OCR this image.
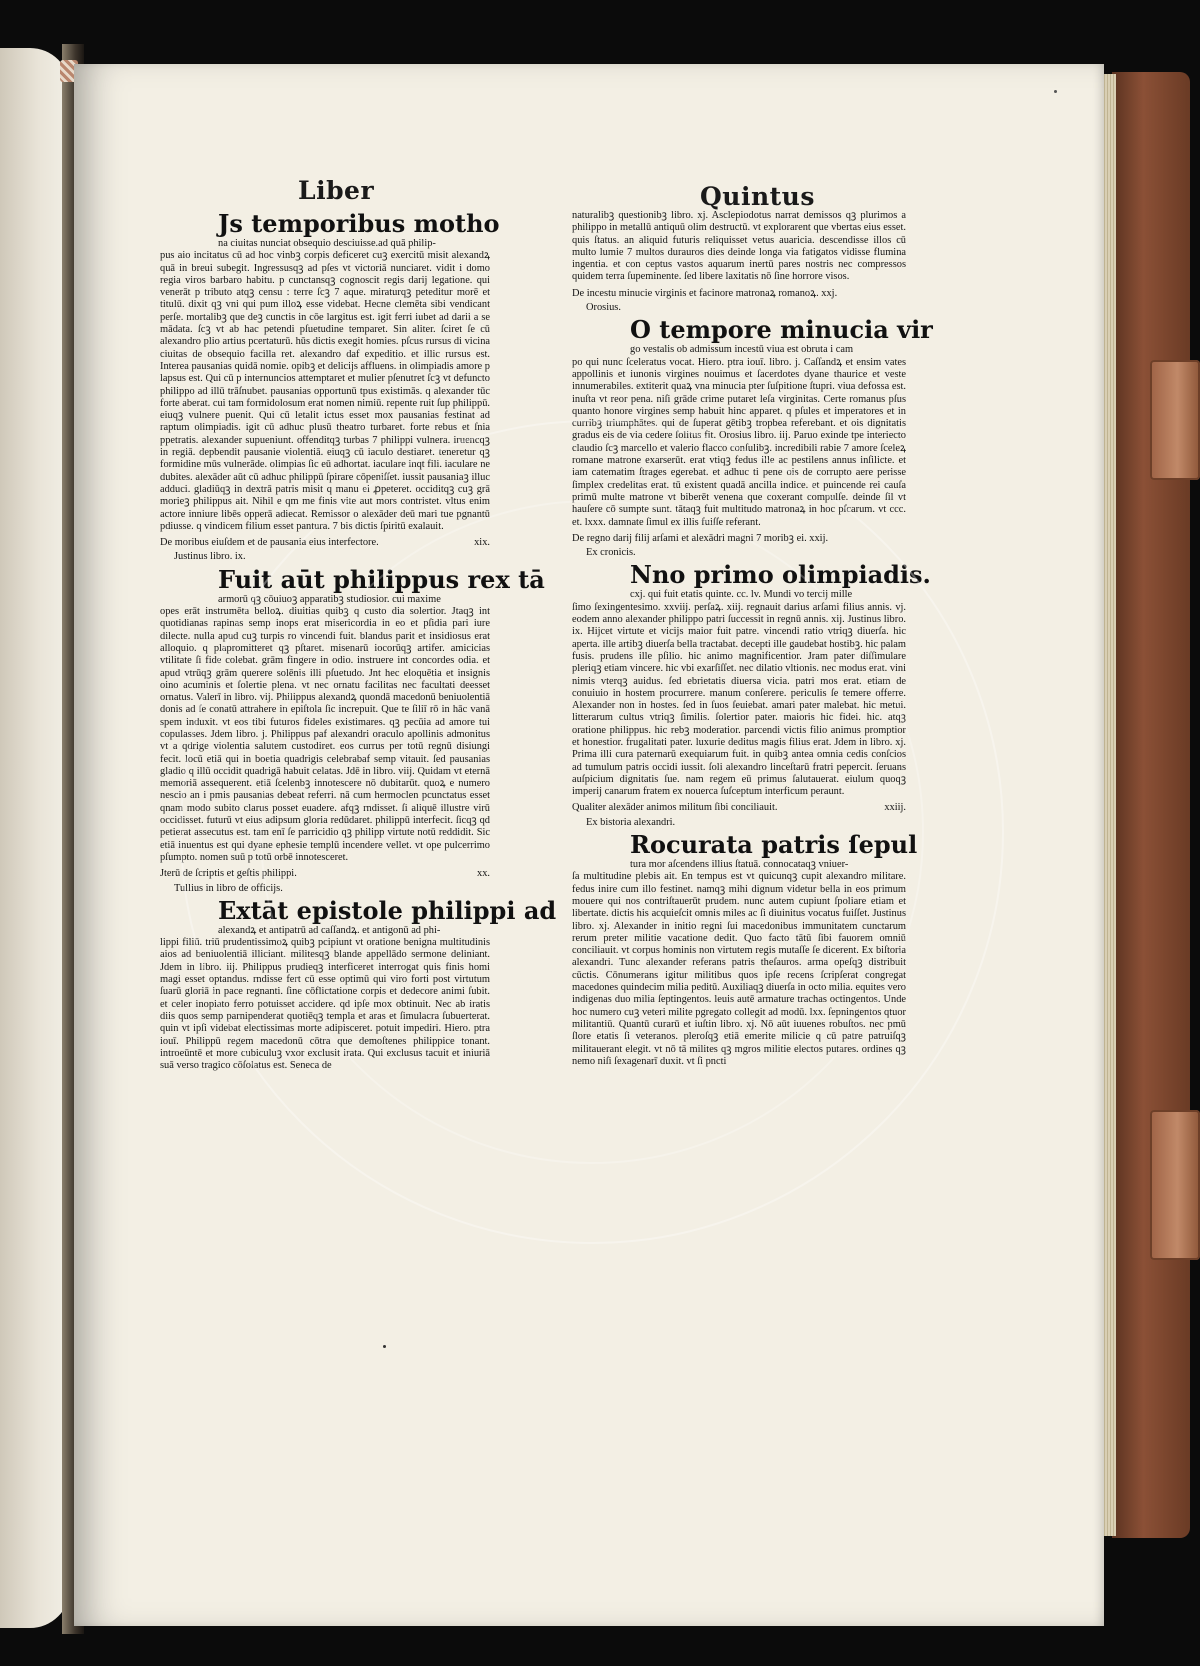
Liber	Quintus
Js temporibus motho

na ciuitas nunciat obsequio desciuisse.ad quā philip-

pus aio incitatus cū ad hoc vinbꝫ corpis deficeret cuꝫ exercitū misit alexandꝝ quā in breui subegit. Ingressusqꝫ ad pſes vt victoriā nunciaret. vidit i domo regia viros barbaro habitu. p cunctansqꝫ cognoscit regis darij legatione. qui venerāt p tributo atqꝫ censu : terre ſcꝫ 7 aque. miraturqꝫ peteditur morē et titulū. dixit qꝫ vni qui pum illoꝝ esse videbat. Hecne clemēta sibi vendicant perſe. mortalibꝫ que deꝫ cunctis in cōe largitus est. igit ferri iubet ad darii a se mādata. ſcꝫ vt ab hac petendi pſuetudine temparet. Sin aliter. ſciret ſe cū alexandro plio artius pcertaturū. hūs dictis exegit homies. pſcus rursus di vicina ciuitas de obsequio facilla ret. alexandro daf expeditio. et illic rursus est. Interea pausanias quidā nomie. opibꝫ et delicijs affluens. in olimpiadis amore p lapsus est. Qui cū p internuncios attemptaret et mulier pſenutret ſcꝫ vt defuncto philippo ad illū trāſnubet. pausanias opportunū tpus existimās. q alexander tūc forte aberat. cui tam formidolosum erat nomen nimiū. repente ruit ſup philippū. eiuqꝫ vulnere puenit. Qui cū letalit ictus esset mox pausanias festinat ad raptum olimpiadis. igit cū adhuc plusū theatro turbaret. forte rebus et ſnia ppetratis. alexander supueniunt. offenditqꝫ turbas 7 philippi vulnera. iruencqꝫ in regiā. depbendit pausanie violentiā. eiuqꝫ cū iaculo destiaret. teneretur qꝫ formidine mūs vulnerāde. olimpias ſic eū adhortat. iaculare inqt fili. iaculare ne dubites. alexāder aūt cū adhuc philippū ſpirare cōpeniſſet. iussit pausaniaꝫ illuc adduci. gladiūqꝫ in dextrā patris misit q manu ei ꝓpeteret. occiditqꝫ cuꝫ grā morieꝫ philippus ait. Nihil e qm me finis vite aut mors contristet. vltus enim actore inniure libēs opperā adiecat. Remissor o alexāder deū mari tue pgnantū pdiusse. q vindicem filium esset pantura. 7 bis dictis ſpiritū exalauit.

xix.
De moribus eiuſdem et de pausania eius interfectore.

Justinus libro. ix.

Fuit aūt philippus rex tā

armorū qꝫ cōuiuoꝫ apparatibꝫ studiosior. cui maxime

opes erāt instrumēta belloꝝ. diuitias quibꝫ q custo dia solertior. Jtaqꝫ int quotidianas rapinas semp inops erat misericordia in eo et pſidia pari iure dilecte. nulla apud cuꝫ turpis ro vincendi fuit. blandus parit et insidiosus erat alloquio. q plapromitteret qꝫ pſtaret. misenarū iocorūqꝫ artifer. amicicias vtilitate ſi fide colebat. grām fingere in odio. instruere int concordes odia. et apud vtrūqꝫ grām querere solēnis illi pſuetudo. Jnt hec eloquētia et insignis oino acuminis et ſolertie plena. vt nec ornatu facilitas nec facultati deesset ornatus. Valerī in libro. vij. Philippus alexandꝝ quondā macedonū beniuolentiā donis ad ſe conatū attrahere in epiſtola ſic increpuit. Que te ſiliī rō in hāc vanā spem induxit. vt eos tibi futuros fideles existimares. qꝫ pecūia ad amore tui copulasses. Jdem libro. j. Philippus paf alexandri oraculo apollinis admonitus vt a qdrige violentia salutem custodiret. eos currus per totū regnū disiungi fecit. locū etiā qui in boetia quadrigis celebrabaf semp vitauit. ſed pausanias gladio q illū occidit quadrigā habuit celatas. Jdē in libro. viij. Quidam vt eternā memoriā assequerent. etiā ſcelenbꝫ innotescere nō dubitarūt. quoꝝ e numero nescio an i pmis pausanias debeat referri. nā cum hermoclen pcunctatus esset qnam modo subito clarus posset euadere. afqꝫ rndisset. ſi aliquē illustre virū occidisset. futurū vt eius adipsum gloria redūdaret. philippū interfecit. ſicqꝫ qd petierat assecutus est. tam enī ſe parricidio qꝫ philipp virtute notū reddidit. Sic etiā inuentus est qui dyane ephesie templū incendere vellet. vt ope pulcerrimo pſumpto. nomen suū p totū orbē innotesceret.

xx.
Jterū de ſcriptis et geſtis philippi.

Tullius in libro de officijs.

Extāt epistole philippi ad

alexandꝝ et antipatrū ad caſſandꝝ. et antigonū ad phi-

lippi filiū. triū prudentissimoꝝ quibꝫ pcipiunt vt oratione benigna multitudinis aios ad beniuolentiā illiciant. militesqꝫ blande appellādo sermone deliniant. Jdem in libro. iij. Philippus prudieqꝫ interficeret interrogat quis finis homi magi esset optandus. rndisse fert cū esse optimū qui viro forti post virtutum ſuarū gloriā in pace regnanti. ſine cōflictatione corpis et dedecore animi ſubit. et celer inopiato ferro potuisset accidere. qd ipſe mox obtinuit. Nec ab iratis diis quos semp parnipenderat quotiēqꝫ templa et aras et ſimulacra ſubuerterat. quin vt ipſi videbat electissimas morte adipisceret. potuit impediri. Hiero. ptra iouī. Philippū regem macedonū cōtra que demoſtenes philippice tonant. introeūntē et more cubiculuꝫ vxor exclusit irata. Qui exclusus tacuit et iniuriā suā verso tragico cōſolatus est. Seneca de

naturalibꝫ questionibꝫ libro. xj. Asclepiodotus narrat demissos qꝫ plurimos a philippo in metallū antiquū olim destructū. vt explorarent que vbertas eius esset. quis ſtatus. an aliquid futuris reliquisset vetus auaricia. descendisse illos cū multo lumie 7 multos durauros dies deinde longa via fatigatos vidisse flumina ingentia. et con ceptus vastos aquarum inertū pares nostris nec compressos quidem terra ſupeminente. ſed libere laxitatis nō ſine horrore visos.

De incestu minucie virginis et facinore matronaꝝ romanoꝝ. xxj.

Orosius.

O tempore minucia vir

go vestalis ob admissum incestū viua est obruta i cam

po qui nunc ſceleratus vocat. Hiero. ptra iouī. libro. j. Caſſandꝝ et ensim vates appollinis et iunonis virgines nouimus et ſacerdotes dyane thaurice et veste innumerabiles. extiterit quaꝝ vna minucia pter ſuſpitione ſtupri. viua defossa est. inuſta vt reor pena. niſi grāde crime putaret leſa virginitas. Certe romanus pſus quanto honore virgines semp habuit hinc apparet. q pſules et imperatores et in curribꝫ triumphātes. qui de ſuperat gētibꝫ tropbea referebant. et ois dignitatis gradus eis de via cedere ſolitus fit. Orosius libro. iij. Paruo exinde tpe interiecto claudio ſcꝫ marcello et valerio flacco conſulibꝫ. incredibili rabie 7 amore ſceleꝝ romane matrone exarserūt. erat vtiqꝫ fedus ille ac pestilens annus inſilicte. et iam catematim ſtrages egerebat. et adhuc ti pene ois de corrupto aere perisse ſimplex credelitas erat. tū existent quadā ancilla indice. et puincende rei cauſa primū multe matrone vt biberēt venena que coxerant compulſe. deinde ſil vt hauſere cō sumpte sunt. tātaqꝫ fuit multitudo matronaꝝ in hoc pſcarum. vt ccc. et. lxxx. damnate ſimul ex illis fuiſſe referant.

De regno darij filij arſami et alexādri magni 7 moribꝫ ei. xxij.

Ex cronicis.

Nno primo olimpiadis.

cxj. qui fuit etatis quinte. cc. lv. Mundi vo tercij mille

ſimo ſexingentesimo. xxviij. perſaꝝ. xiij. regnauit darius arſami filius annis. vj. eodem anno alexander philippo patri ſuccessit in regnū annis. xij. Justinus libro. ix. Hijcet virtute et vicijs maior fuit patre. vincendi ratio vtriqꝫ diuerſa. hic aperta. ille artibꝫ diuerſa bella tractabat. decepti ille gaudebat hostibꝫ. hic palam fusis. prudens ille pſilio. hic animo magnificentior. Jram pater diſſimulare pleriqꝫ etiam vincere. hic vbi exarſiſſet. nec dilatio vltionis. nec modus erat. vini nimis vterqꝫ auidus. ſed ebrietatis diuersa vicia. patri mos erat. etiam de conuiuio in hostem procurrere. manum conſerere. periculis ſe temere offerre. Alexander non in hostes. ſed in ſuos ſeuiebat. amari pater malebat. hic metui. litterarum cultus vtriqꝫ ſimilis. ſolertior pater. maioris hic fidei. hic. atqꝫ oratione philippus. hic rebꝫ moderatior. parcendi victis filio animus promptior et honestior. frugalitati pater. luxurie deditus magis filius erat. Jdem in libro. xj. Prima illi cura paternarū exequiarum fuit. in quibꝫ antea omnia cedis conſcios ad tumulum patris occidi iussit. ſoli alexandro linceſtarū fratri pepercit. ſeruans auſpicium dignitatis ſue. nam regem eū primus ſalutauerat. eiulum quoqꝫ imperij canarum fratem ex nouerca ſuſceptum interficum peraunt.

xxiij.
Qualiter alexāder animos militum ſibi conciliauit.

Ex bistoria alexandri.

Rocurata patris ſepul

tura mor aſcendens illius ſtatuā. connocataqꝫ vniuer-

ſa multitudine plebis ait. En tempus est vt quicunqꝫ cupit alexandro militare. fedus inire cum illo festinet. namqꝫ mihi dignum videtur bella in eos primum mouere qui nos contriſtauerūt prudem. nunc autem cupiunt ſpoliare etiam et libertate. dictis his acquieſcit omnis miles ac ſi diuinitus vocatus fuiſſet. Justinus libro. xj. Alexander in initio regni ſui macedonibus immunitatem cunctarum rerum preter militie vacatione dedit. Quo facto tātū ſibi fauorem omniū conciliauit. vt corpus hominis non virtutem regis mutaſſe ſe dicerent. Ex biſtoria alexandri. Tunc alexander referans patris theſauros. arma opeſqꝫ distribuit cūctis. Cōnumerans igitur militibus quos ipſe recens ſcripſerat congregat macedones quindecim milia peditū. Auxiliaqꝫ diuerſa in octo milia. equites vero indigenas duo milia ſeptingentos. leuis autē armature trachas octingentos. Unde hoc numero cuꝫ veteri milite pgregato collegit ad modū. lxx. ſepningentos qtuor militantiū. Quantū curarū et iuſtin libro. xj. Nō aūt iuuenes robuſtos. nec pmū ſlore etatis ſi veteranos. pleroſqꝫ etiā emerite milicie q cū patre patruiſqꝫ militauerant elegit. vt nō tā milites qꝫ mgros militie electos putares. ordines qꝫ nemo niſi ſexagenarī duxit. vt ſi pncti
